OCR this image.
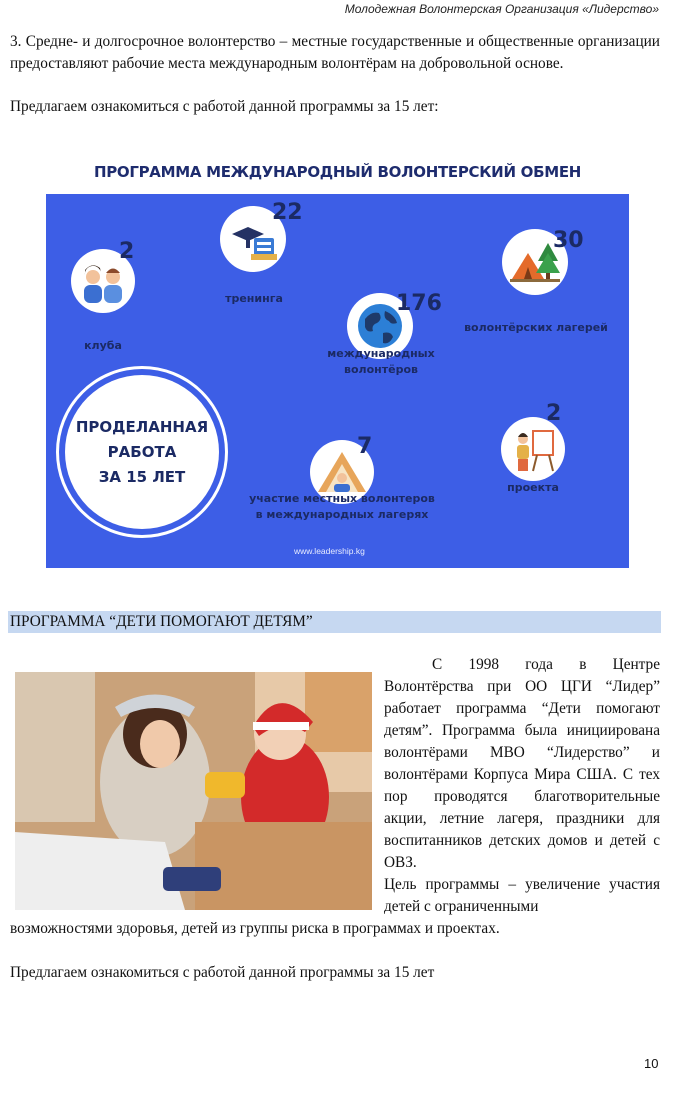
Молодежная Волонтерская Организация «Лидерство»

3. Средне- и долгосрочное волонтерство – местные государственные и общественные организации предоставляют рабочие места международным волонтёрам на добровольной основе.

Предлагаем ознакомиться с работой данной программы за 15 лет:

ПРОГРАММА МЕЖДУНАРОДНЫЙ ВОЛОНТЕРСКИЙ ОБМЕН
2
клуба
22
тренинга	176
международных
волонтёров
30
волонтёрских лагерей
ПРОДЕЛАННАЯ
РАБОТА
ЗА 15 ЛЕТ
7
участие местных волонтеров
в международных лагерях
2
проекта
www.leadership.kg
ПРОГРАММА “ДЕТИ ПОМОГАЮТ ДЕТЯМ”

С 1998 года в Центре Волонтёрства при ОО ЦГИ “Лидер” работает программа “Дети помогают детям”. Программа была инициирована волонтёрами МВО “Лидерство” и волонтёрами Корпуса Мира США. С тех пор проводятся благотворительные акции, летние лагеря, праздники для воспитанников детских домов и детей с ОВЗ.
Цель программы – увеличение участия детей с ограниченными

возможностями здоровья, детей из группы риска в программах и проектах.

Предлагаем ознакомиться с работой данной программы за 15 лет

10
